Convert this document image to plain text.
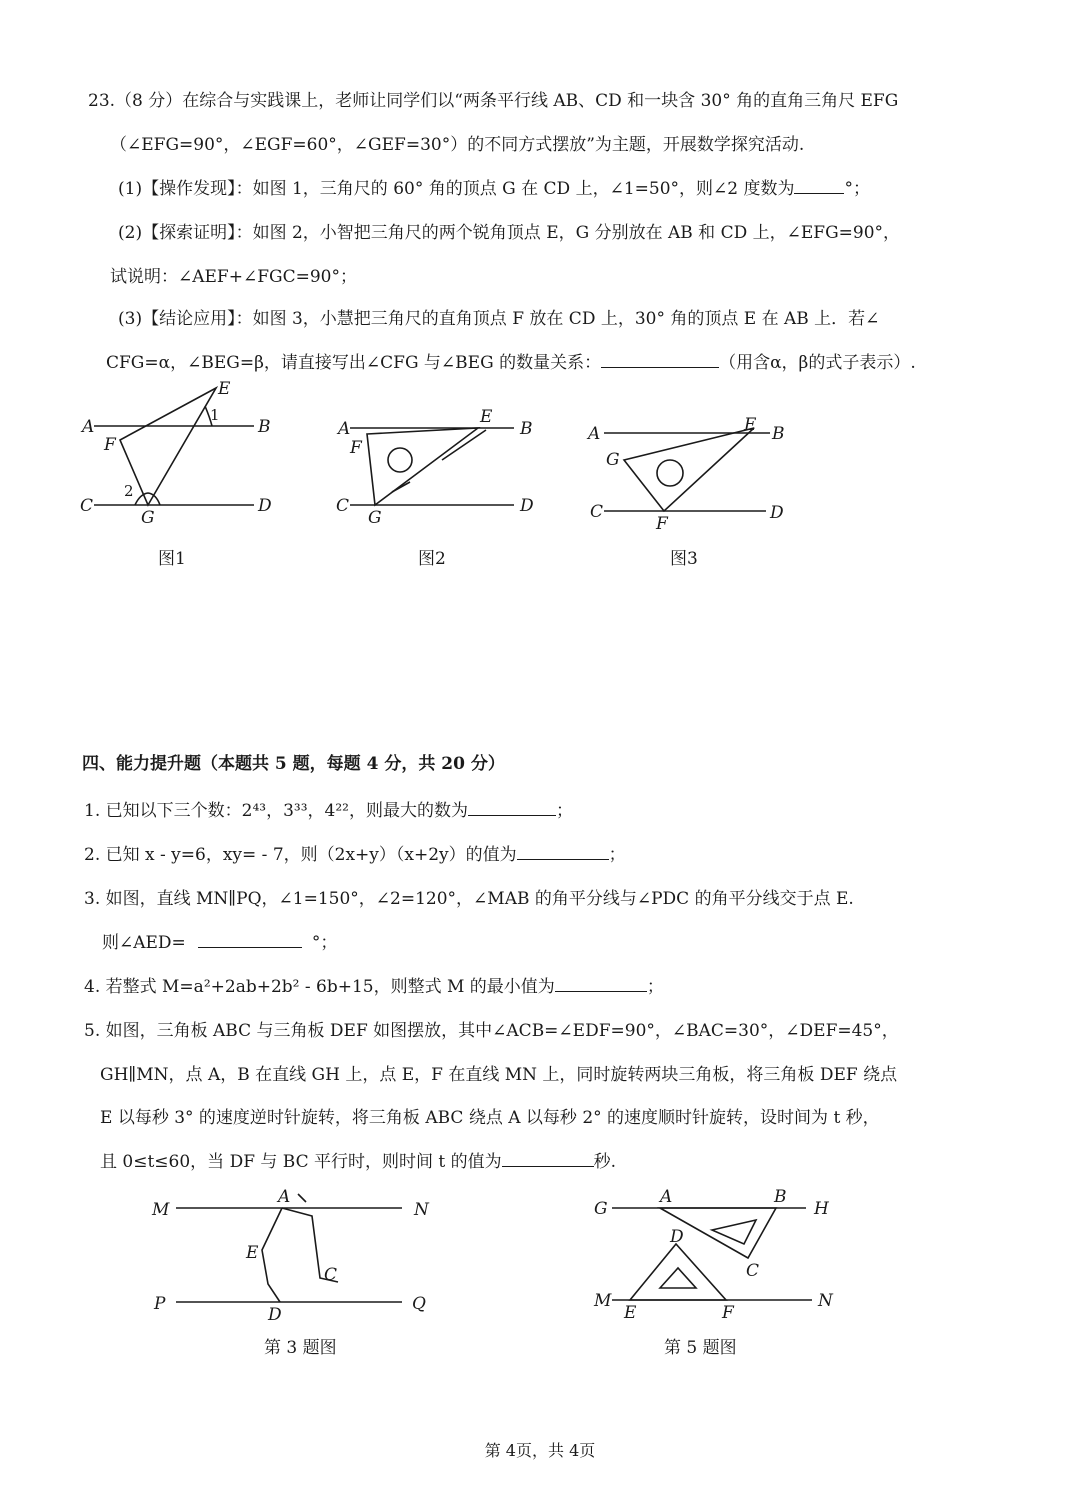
23.（8 分）在综合与实践课上，老师让同学们以“两条平行线 AB、CD 和一块含 30° 角的直角三角尺 EFG
（∠EFG=90°，∠EGF=60°，∠GEF=30°）的不同方式摆放”为主题，开展数学探究活动.
(1)【操作发现】：如图 1，三角尺的 60° 角的顶点 G 在 CD 上，∠1=50°，则∠2 度数为	°；
(2)【探索证明】：如图 2，小智把三角尺的两个锐角顶点 E，G 分别放在 AB 和 CD 上，∠EFG=90°，
试说明：∠AEF+∠FGC=90°；
(3)【结论应用】：如图 3，小慧把三角尺的直角顶点 F 放在 CD 上，30° 角的顶点 E 在 AB 上．若∠
CFG=α，∠BEG=β，请直接写出∠CFG 与∠BEG 的数量关系：	（用含α，β的式子表示）.
A	B
C	D
E
F
G
1
2
A	B
C	D
E
F
G
A	B
C	D
E
F
G
图1	图2	图3
四、能力提升题（本题共 5 题，每题 4 分，共 20 分）
1. 已知以下三个数：2⁴³，3³³，4²²，则最大的数为	；
2. 已知 x - y=6，xy= - 7，则（2x+y）（x+2y）的值为	；
3. 如图，直线 MN∥PQ，∠1=150°，∠2=120°，∠MAB 的角平分线与∠PDC 的角平分线交于点 E.
则∠AED=	°；
4. 若整式 M=a²+2ab+2b² - 6b+15，则整式 M 的最小值为	；
5. 如图，三角板 ABC 与三角板 DEF 如图摆放，其中∠ACB=∠EDF=90°，∠BAC=30°，∠DEF=45°，
GH∥MN，点 A，B 在直线 GH 上，点 E，F 在直线 MN 上，同时旋转两块三角板，将三角板 DEF 绕点
E 以每秒 3° 的速度逆时针旋转，将三角板 ABC 绕点 A 以每秒 2° 的速度顺时针旋转，设时间为 t 秒，
且 0≤t≤60，当 DF 与 BC 平行时，则时间 t 的值为	秒.
M	N
P	Q
A
E
C
D
G	H
M	N
A	B
C
D
E	F
第 3 题图	第 5 题图
第 4页，共 4页
